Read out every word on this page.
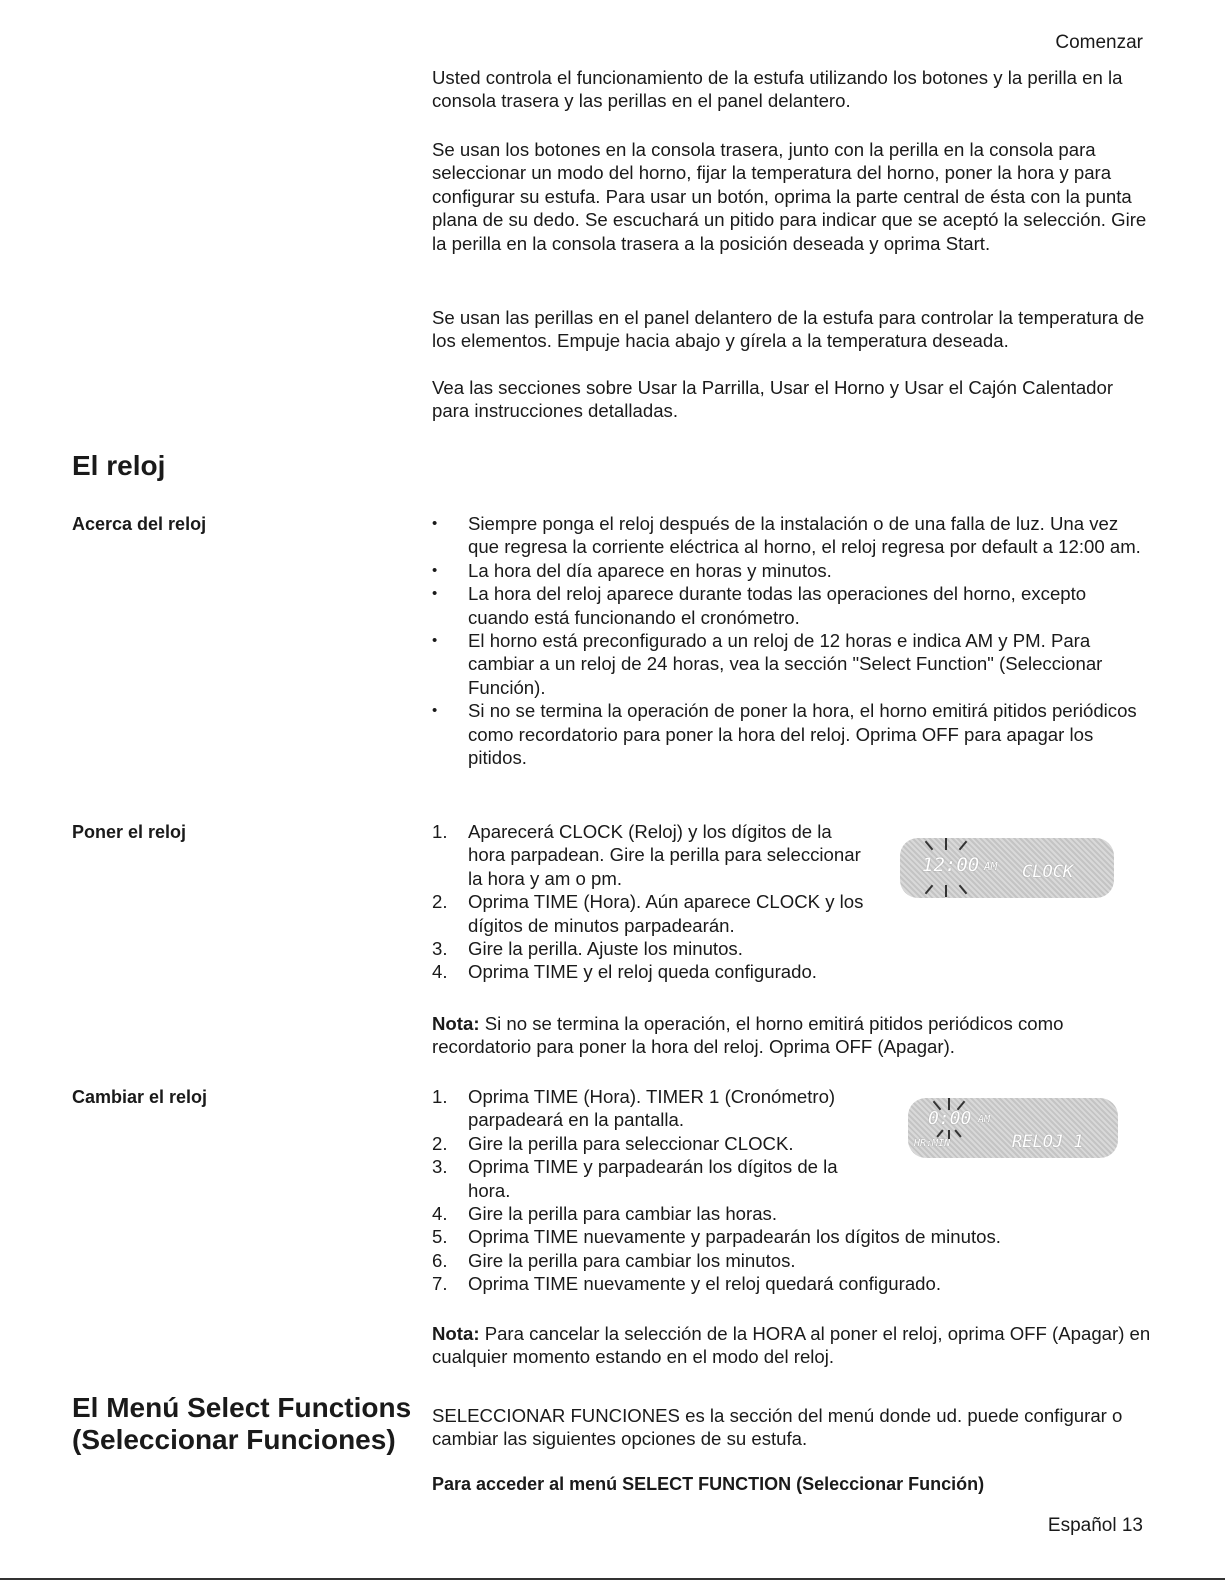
Comenzar
Usted controla el funcionamiento de la estufa utilizando los botones y la perilla en la consola trasera y las perillas en el panel delantero.
Se usan los botones en la consola trasera, junto con la perilla en la consola para seleccionar un modo del horno, fijar la temperatura del horno, poner la hora y para configurar su estufa. Para usar un botón, oprima la parte central de ésta con la punta plana de su dedo. Se escuchará un pitido para indicar que se aceptó la selección. Gire la perilla en la consola trasera a la posición deseada y oprima Start.
Se usan las perillas en el panel delantero de la estufa para controlar la temperatura de los elementos. Empuje hacia abajo y gírela a la temperatura deseada.
Vea las secciones sobre Usar la Parrilla, Usar el Horno y Usar el Cajón Calentador para instrucciones detalladas.
El reloj
Acerca del reloj
•	Siempre ponga el reloj después de la instalación o de una falla de luz. Una vez que regresa la corriente eléctrica al horno, el reloj regresa por default a 12:00 am.
• La hora del día aparece en horas y minutos.
• La hora del reloj aparece durante todas las operaciones del horno, excepto cuando está funcionando el cronómetro.
• El horno está preconfigurado a un reloj de 12 horas e indica AM y PM. Para cambiar a un reloj de 24 horas, vea la sección "Select Function" (Seleccionar Función).
• Si no se termina la operación de poner la hora, el horno emitirá pitidos periódicos como recordatorio para poner la hora del reloj. Oprima OFF para apagar los pitidos.
Poner el reloj	1. Aparecerá CLOCK (Reloj) y los dígitos de la hora parpadean. Gire la perilla para seleccionar la hora y am o pm.
2. Oprima TIME (Hora). Aún aparece CLOCK y los dígitos de minutos parpadearán.
3. Gire la perilla. Ajuste los minutos.
4. Oprima TIME y el reloj queda configurado.
12:00 AM CLOCK
Nota: Si no se termina la operación, el horno emitirá pitidos periódicos como recordatorio para poner la hora del reloj. Oprima OFF (Apagar).
Cambiar el reloj	1. Oprima TIME (Hora). TIMER 1 (Cronómetro) parpadeará en la pantalla.
2. Gire la perilla para seleccionar CLOCK.
3. Oprima TIME y parpadearán los dígitos de la hora.
4. Gire la perilla para cambiar las horas.
5. Oprima TIME nuevamente y parpadearán los dígitos de minutos.
6. Gire la perilla para cambiar los minutos.
7. Oprima TIME nuevamente y el reloj quedará configurado.
0:00 AM
HR:MIN	RELOJ 1
Nota: Para cancelar la selección de la HORA al poner el reloj, oprima OFF (Apagar) en cualquier momento estando en el modo del reloj.
El Menú Select Functions
(Seleccionar Funciones)
SELECCIONAR FUNCIONES es la sección del menú donde ud. puede configurar o cambiar las siguientes opciones de su estufa.
Para acceder al menú SELECT FUNCTION (Seleccionar Función)
Español 13
